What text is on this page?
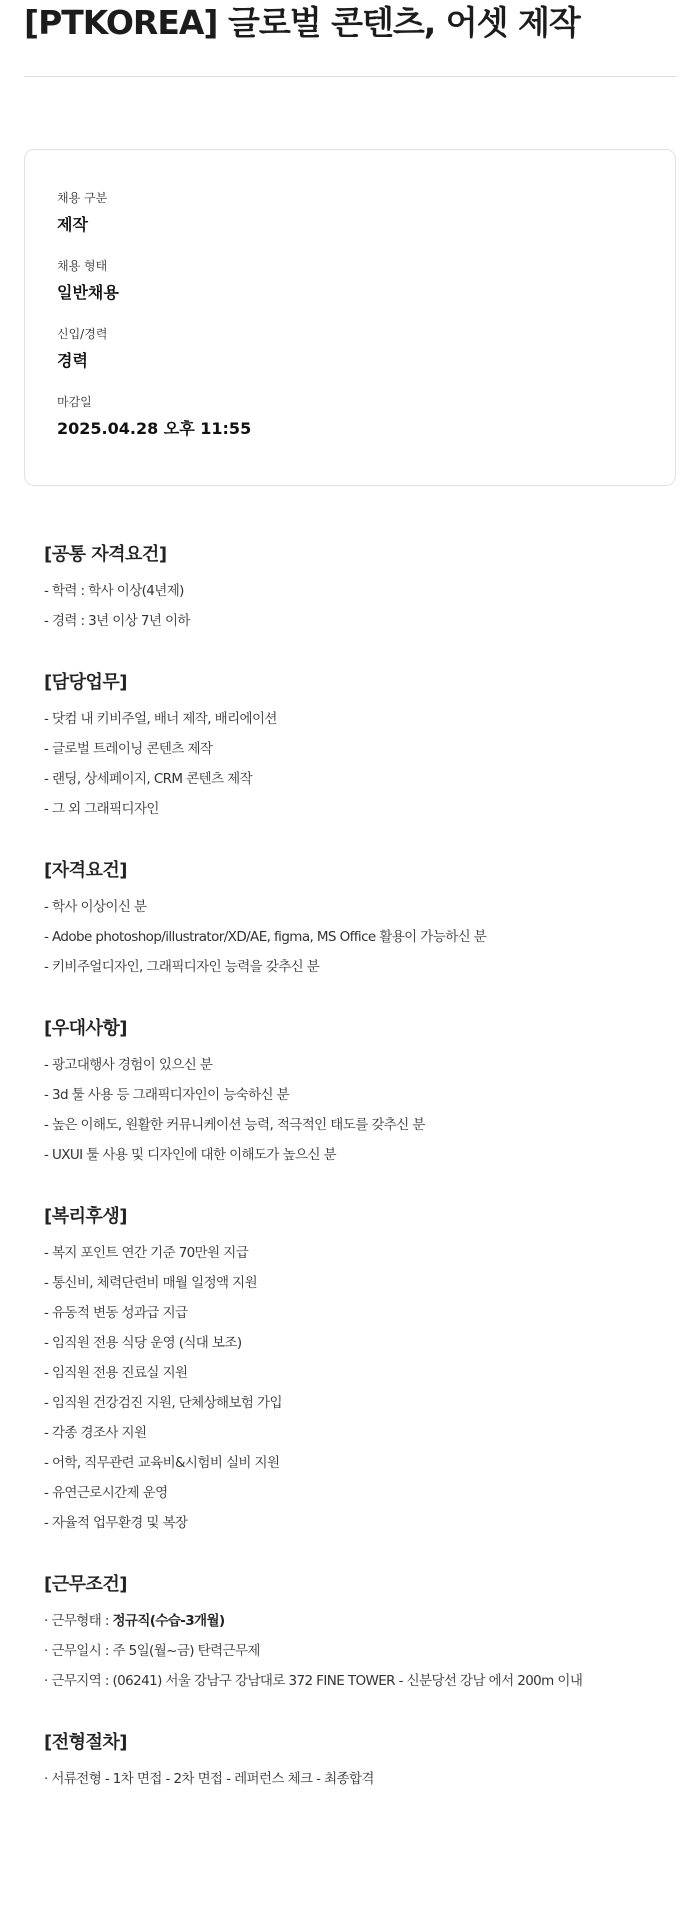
[PTKOREA] 글로벌 콘텐츠, 어셋 제작
채용 구분
제작
채용 형태
일반채용
신입/경력
경력
마감일
2025.04.28 오후 11:55
[공통 자격요건]
- 학력 : 학사 이상(4년제)
- 경력 : 3년 이상 7년 이하
[담당업무]
- 닷컴 내 키비주얼, 배너 제작, 배리에이션
- 글로벌 트레이닝 콘텐츠 제작
- 랜딩, 상세페이지, CRM 콘텐츠 제작
- 그 외 그래픽디자인
[자격요건]
- 학사 이상이신 분
- Adobe photoshop/illustrator/XD/AE, figma, MS Office 활용이 가능하신 분
- 키비주얼디자인, 그래픽디자인 능력을 갖추신 분
[우대사항]
- 광고대행사 경험이 있으신 분
- 3d 툴 사용 등 그래픽디자인이 능숙하신 분
- 높은 이해도, 원활한 커뮤니케이션 능력, 적극적인 태도를 갖추신 분
- UXUI 툴 사용 및 디자인에 대한 이해도가 높으신 분
[복리후생]
- 복지 포인트 연간 기준 70만원 지급
- 통신비, 체력단련비 매월 일정액 지원
- 유동적 변동 성과급 지급
- 임직원 전용 식당 운영 (식대 보조)
- 임직원 전용 진료실 지원
- 임직원 건강검진 지원, 단체상해보험 가입
- 각종 경조사 지원
- 어학, 직무관련 교육비&시험비 실비 지원
- 유연근로시간제 운영
- 자율적 업무환경 및 복장
[근무조건]
· 근무형태 : 정규직(수습-3개월)
· 근무일시 : 주 5일(월~금) 탄력근무제
· 근무지역 : (06241) 서울 강남구 강남대로 372 FINE TOWER - 신분당선 강남 에서 200m 이내
[전형절차]
· 서류전형 - 1차 면접 - 2차 면접 - 레퍼런스 체크 - 최종합격
